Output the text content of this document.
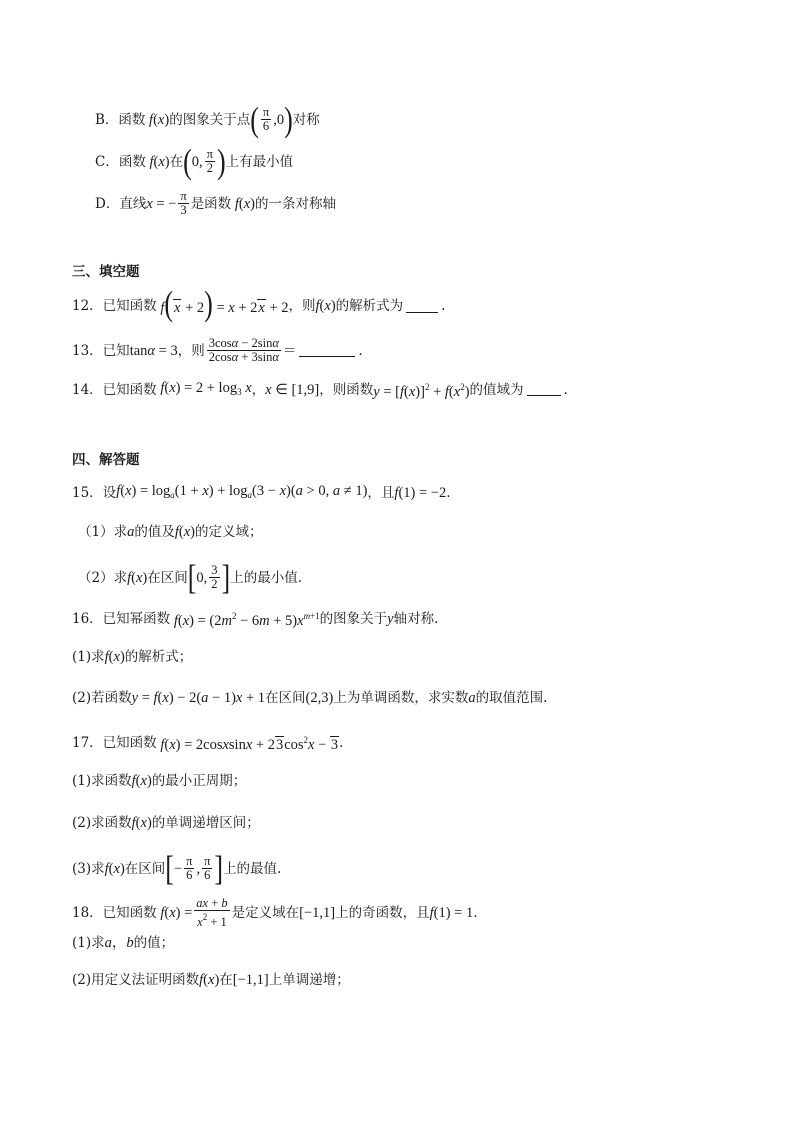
B．函数 f(x) 的图象关于点 ( $\frac{\pi}{6} ,0$ ) 对称
C．函数 f(x) 在 ( 0, $\frac{\pi}{2}$ ) 上有最小值
D．直线 x = − $\frac{\pi}{3}$ 是函数 f(x) 的一条对称轴
三、填空题
12．已知函数 f(x + 2) = x + 2x + 2 ，则 f(x) 的解析式为	.
13．已知 tanα = 3 ，则 $\frac{3\cos\alpha - 2\sin\alpha}{2\cos\alpha + 3\sin\alpha}$ ＝	.
14．已知函数 $f(x) = 2 + \log_3 x$ ， x ∈ [1,9] ，则函数 $y = [f(x)]^2 + f(x^2)$ 的值域为	.
四、解答题
15．设 $f(x) = \log_a(1 + x) + \log_a(3 - x)(a > 0$, a ≠ 1) ，且 f(1) = −2 .
（1）求 a 的值及 f(x) 的定义域；
（2）求 f(x) 在区间 [ 0, $\frac{3}{2}$ ] 上的最小值.
16．已知幂函数 $f(x) = (2m^2 - 6m + 5)x^{m+1}$ 的图象关于 y 轴对称.
(1)求 f(x) 的解析式；
(2)若函数 y = f(x) − 2(a − 1)x + 1 在区间 (2,3) 上为单调函数，求实数 a 的取值范围.
17．已知函数 f(x) = 2cosxsinx + $23\cos^2x - 3$ .
(1)求函数 f(x) 的最小正周期；
(2)求函数 f(x) 的单调递增区间；
(3)求 f(x) 在区间 [ − $\frac{\pi}{6}$ , $\frac{\pi}{6}$ ] 上的最值.
18．已知函数 $f(x) = \frac{ax + b}{x^2 + 1}$ 是定义域在 [−1,1] 上的奇函数，且 f(1) = 1 .
(1)求 a，b 的值；
(2)用定义法证明函数 f(x) 在 [−1,1] 上单调递增；
